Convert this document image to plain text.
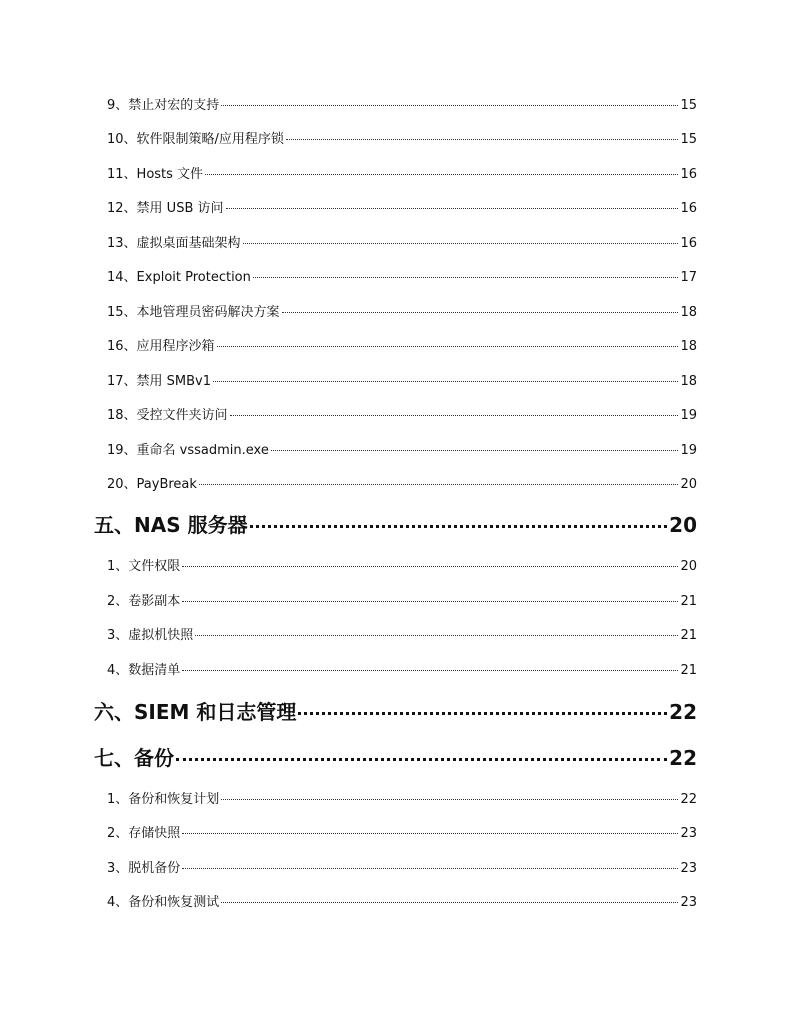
9、禁止对宏的支持	15
10、软件限制策略/应用程序锁	15
11、Hosts 文件	16
12、禁用 USB 访问	16
13、虚拟桌面基础架构	16
14、Exploit Protection	17
15、本地管理员密码解决方案	18
16、应用程序沙箱	18
17、禁用 SMBv1	18
18、受控文件夹访问	19
19、重命名 vssadmin.exe	19
20、PayBreak	20
五、NAS 服务器	20
1、文件权限	20
2、卷影副本	21
3、虚拟机快照	21
4、数据清单	21
六、SIEM 和日志管理	22
七、备份	22
1、备份和恢复计划	22
2、存储快照	23
3、脱机备份	23
4、备份和恢复测试	23
